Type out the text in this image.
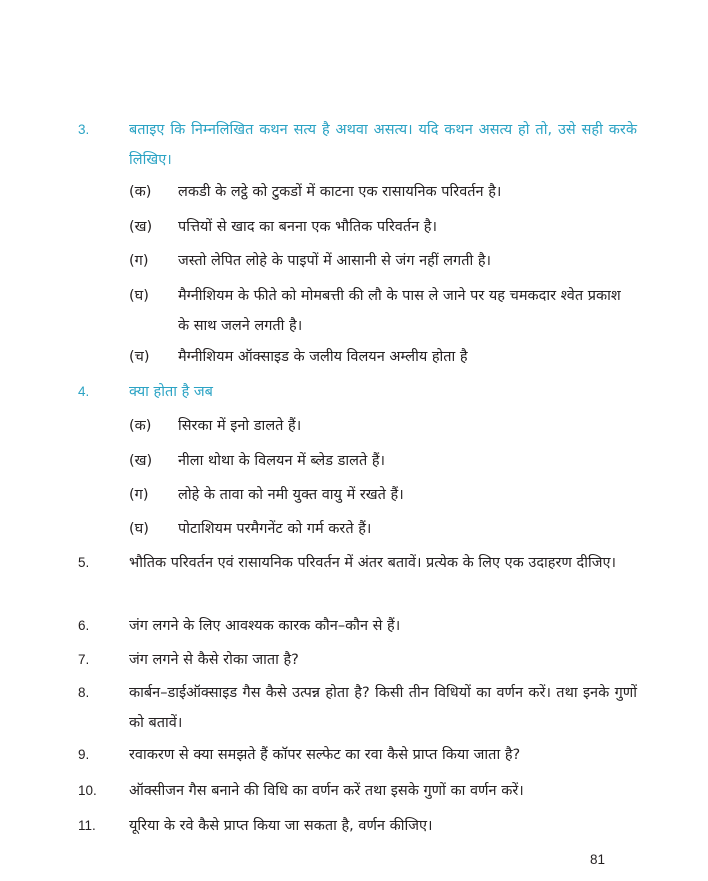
3.	बताइए कि निम्नलिखित कथन सत्य है अथवा असत्य। यदि कथन असत्य हो तो, उसे सही करके लिखिए।
(क) लकडी के लट्ठे को टुकडों में काटना एक रासायनिक परिवर्तन है।
(ख) पत्तियों से खाद का बनना एक भौतिक परिवर्तन है।
(ग) जस्तो लेपित लोहे के पाइपों में आसानी से जंग नहीं लगती है।
(घ) मैग्नीशियम के फीते को मोमबत्ती की लौ के पास ले जाने पर यह चमकदार श्वेत प्रकाश के साथ जलने लगती है।
(च) मैग्नीशियम ऑक्साइड के जलीय विलयन अम्लीय होता है
4.	क्या होता है जब
(क) सिरका में इनो डालते हैं।
(ख) नीला थोथा के विलयन में ब्लेड डालते हैं।
(ग) लोहे के तावा को नमी युक्त वायु में रखते हैं।
(घ) पोटाशियम परमैगनेंट को गर्म करते हैं।
5.	भौतिक परिवर्तन एवं रासायनिक परिवर्तन में अंतर बतावें। प्रत्येक के लिए एक उदाहरण दीजिए।
6.	जंग लगने के लिए आवश्यक कारक कौन–कौन से हैं।
7.	जंग लगने से कैसे रोका जाता है?
8.	कार्बन–डाईऑक्साइड गैस कैसे उत्पन्न होता है? किसी तीन विधियों का वर्णन करें। तथा इनके गुणों को बतावें।
9.	रवाकरण से क्या समझते हैं कॉपर सल्फेट का रवा कैसे प्राप्त किया जाता है?
10. ऑक्सीजन गैस बनाने की विधि का वर्णन करें तथा इसके गुणों का वर्णन करें।
11. यूरिया के रवे कैसे प्राप्त किया जा सकता है, वर्णन कीजिए।
81
